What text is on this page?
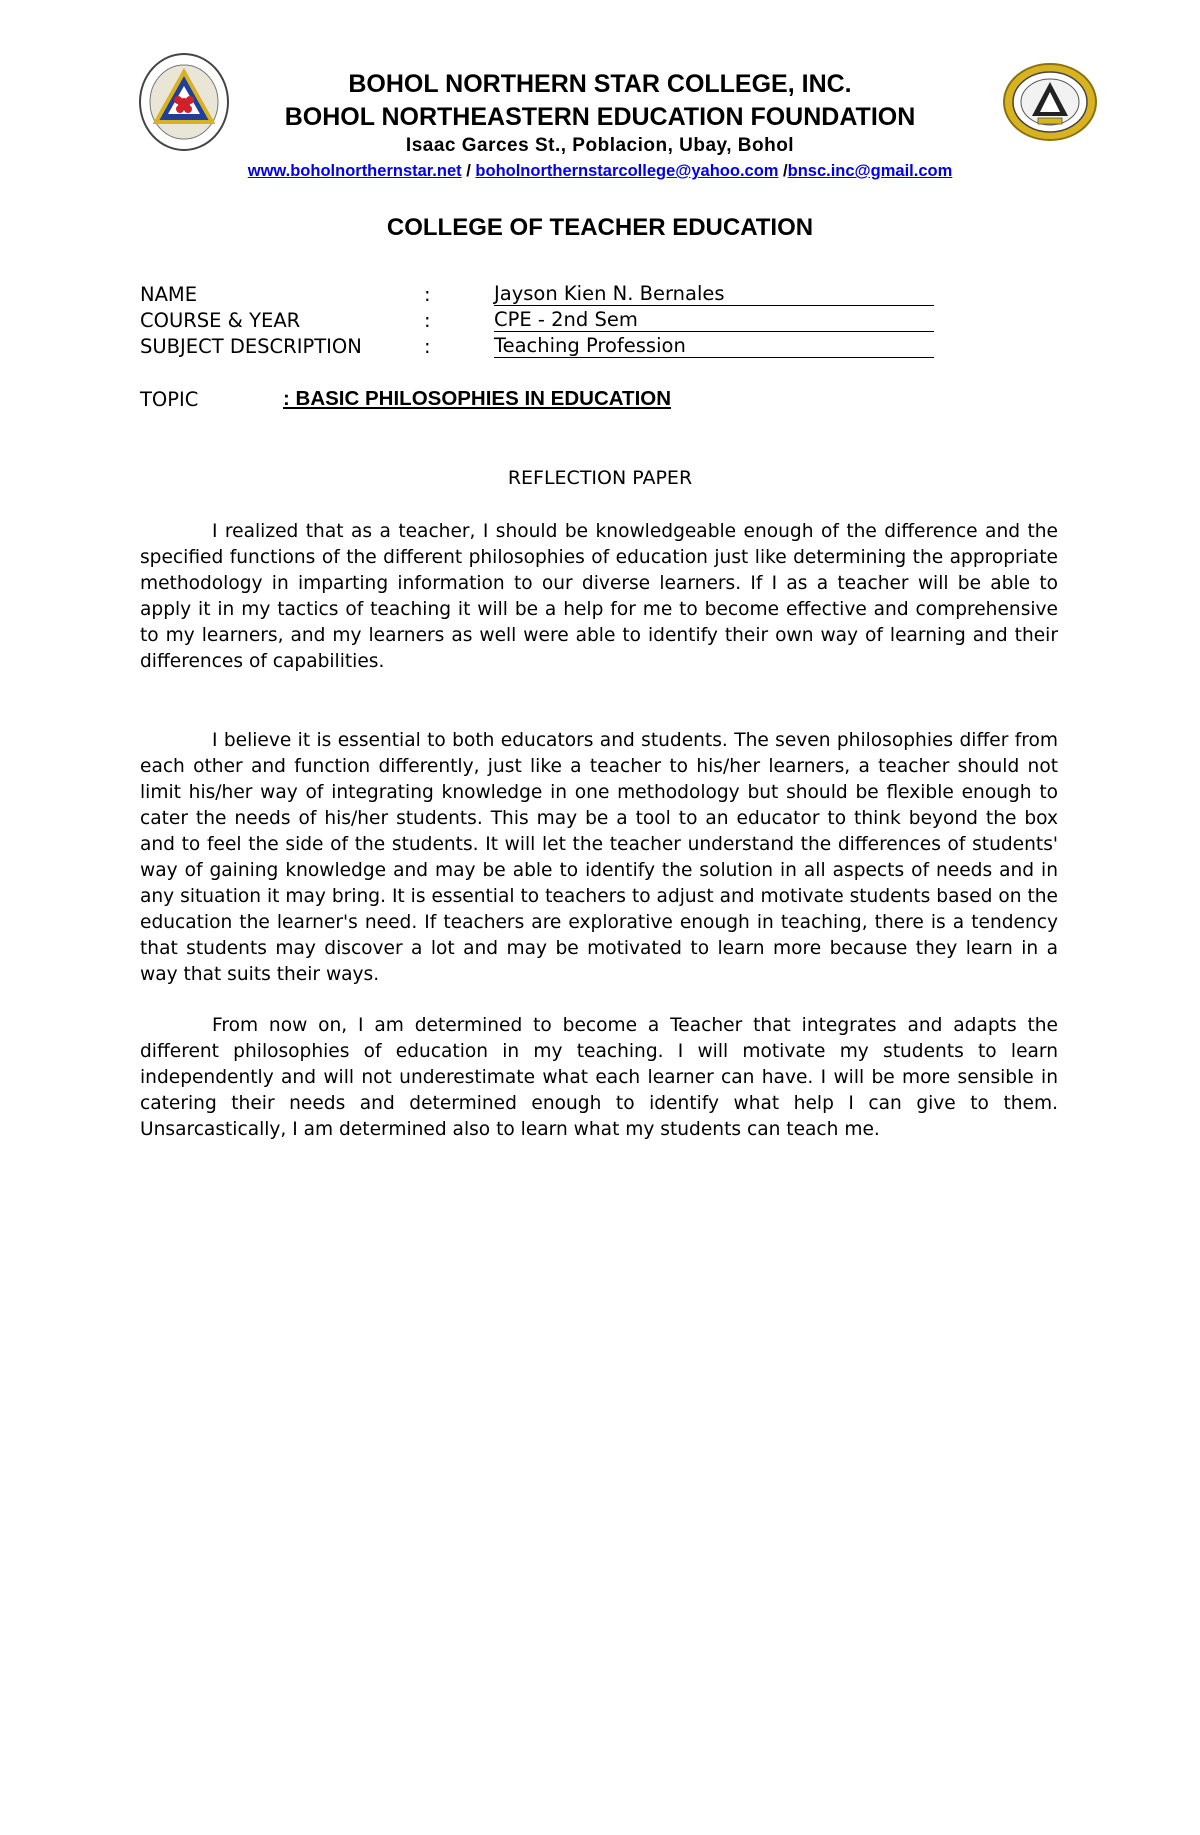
BOHOL NORTHERN STAR COLLEGE, INC.
BOHOL NORTHEASTERN EDUCATION FOUNDATION
Isaac Garces St., Poblacion, Ubay, Bohol
www.boholnorthernstar.net / boholnorthernstarcollege@yahoo.com /bnsc.inc@gmail.com
COLLEGE OF TEACHER EDUCATION
NAME	:	Jayson Kien N. Bernales
COURSE & YEAR	:	CPE - 2nd Sem
SUBJECT DESCRIPTION	:	Teaching Profession
TOPIC	: BASIC PHILOSOPHIES IN EDUCATION
REFLECTION PAPER

I realized that as a teacher, I should be knowledgeable enough of the difference and the specified functions of the different philosophies of education just like determining the appropriate methodology in imparting information to our diverse learners. If I as a teacher will be able to apply it in my tactics of teaching it will be a help for me to become effective and comprehensive to my learners, and my learners as well were able to identify their own way of learning and their differences of capabilities.

I believe it is essential to both educators and students. The seven philosophies differ from each other and function differently, just like a teacher to his/her learners, a teacher should not limit his/her way of integrating knowledge in one methodology but should be flexible enough to cater the needs of his/her students. This may be a tool to an educator to think beyond the box and to feel the side of the students. It will let the teacher understand the differences of students' way of gaining knowledge and may be able to identify the solution in all aspects of needs and in any situation it may bring. It is essential to teachers to adjust and motivate students based on the education the learner's need. If teachers are explorative enough in teaching, there is a tendency that students may discover a lot and may be motivated to learn more because they learn in a way that suits their ways.

From now on, I am determined to become a Teacher that integrates and adapts the different philosophies of education in my teaching. I will motivate my students to learn independently and will not underestimate what each learner can have. I will be more sensible in catering their needs and determined enough to identify what help I can give to them. Unsarcastically, I am determined also to learn what my students can teach me.
